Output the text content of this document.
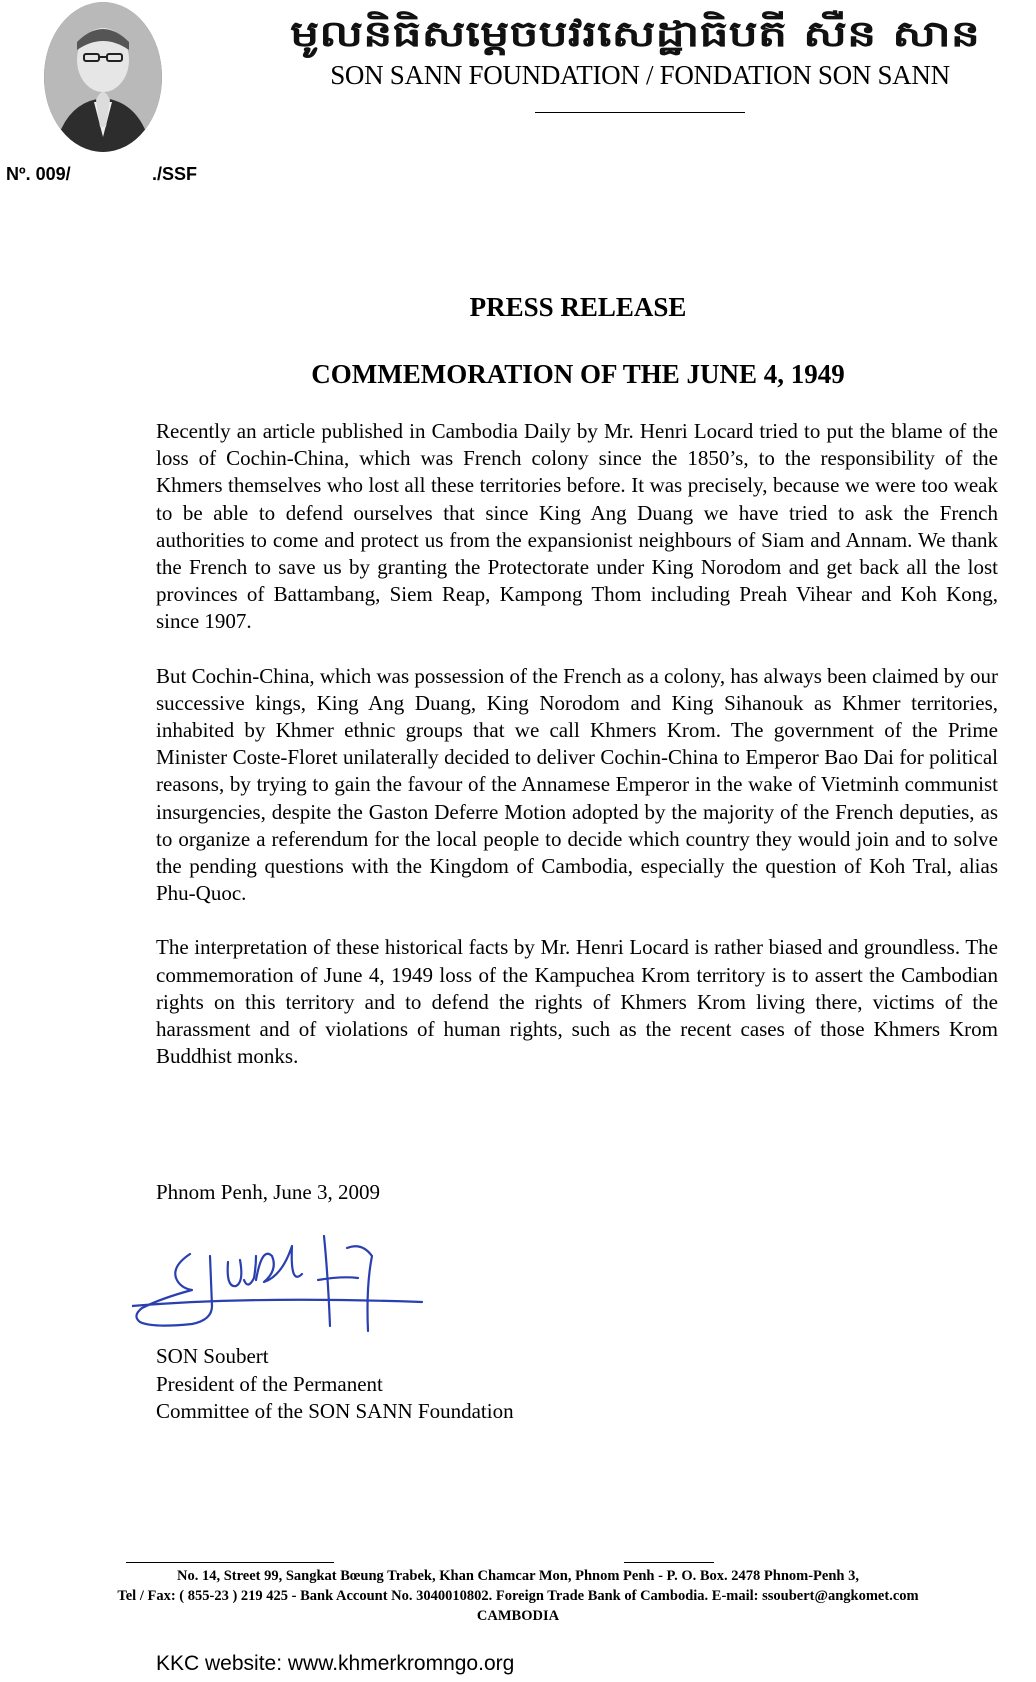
មូលនិធិសម្តេចបវរសេដ្ឋាធិបតី សឺន សាន
SON SANN FOUNDATION / FONDATION SON SANN
Nº. 009/	./SSF
PRESS RELEASE
COMMEMORATION OF THE JUNE 4, 1949

Recently an article published in Cambodia Daily by Mr. Henri Locard tried to put the blame of the loss of Cochin-China, which was French colony since the 1850’s, to the responsibility of the Khmers themselves who lost all these territories before. It was precisely, because we were too weak to be able to defend ourselves that since King Ang Duang we have tried to ask the French authorities to come and protect us from the expansionist neighbours of Siam and Annam. We thank the French to save us by granting the Protectorate under King Norodom and get back all the lost provinces of Battambang, Siem Reap, Kampong Thom including Preah Vihear and Koh Kong, since 1907.

But Cochin-China, which was possession of the French as a colony, has always been claimed by our successive kings, King Ang Duang, King Norodom and King Sihanouk as Khmer territories, inhabited by Khmer ethnic groups that we call Khmers Krom. The government of the Prime Minister Coste-Floret unilaterally decided to deliver Cochin-China to Emperor Bao Dai for political reasons, by trying to gain the favour of the Annamese Emperor in the wake of Vietminh communist insurgencies, despite the Gaston Deferre Motion adopted by the majority of the French deputies, as to organize a referendum for the local people to decide which country they would join and to solve the pending questions with the Kingdom of Cambodia, especially the question of Koh Tral, alias Phu-Quoc.

The interpretation of these historical facts by Mr. Henri Locard is rather biased and groundless. The commemoration of June 4, 1949 loss of the Kampuchea Krom territory is to assert the Cambodian rights on this territory and to defend the rights of Khmers Krom living there, victims of the harassment and of violations of human rights, such as the recent cases of those Khmers Krom Buddhist monks.

Phnom Penh, June 3, 2009
SON Soubert
President of the Permanent
Committee of the SON SANN Foundation
No. 14, Street 99, Sangkat Bœung Trabek, Khan Chamcar Mon, Phnom Penh - P. O. Box. 2478 Phnom-Penh 3,
Tel / Fax: ( 855-23 ) 219 425 - Bank Account No. 3040010802. Foreign Trade Bank of Cambodia. E-mail: ssoubert@angkomet.com
CAMBODIA
KKC website: www.khmerkromngo.org
